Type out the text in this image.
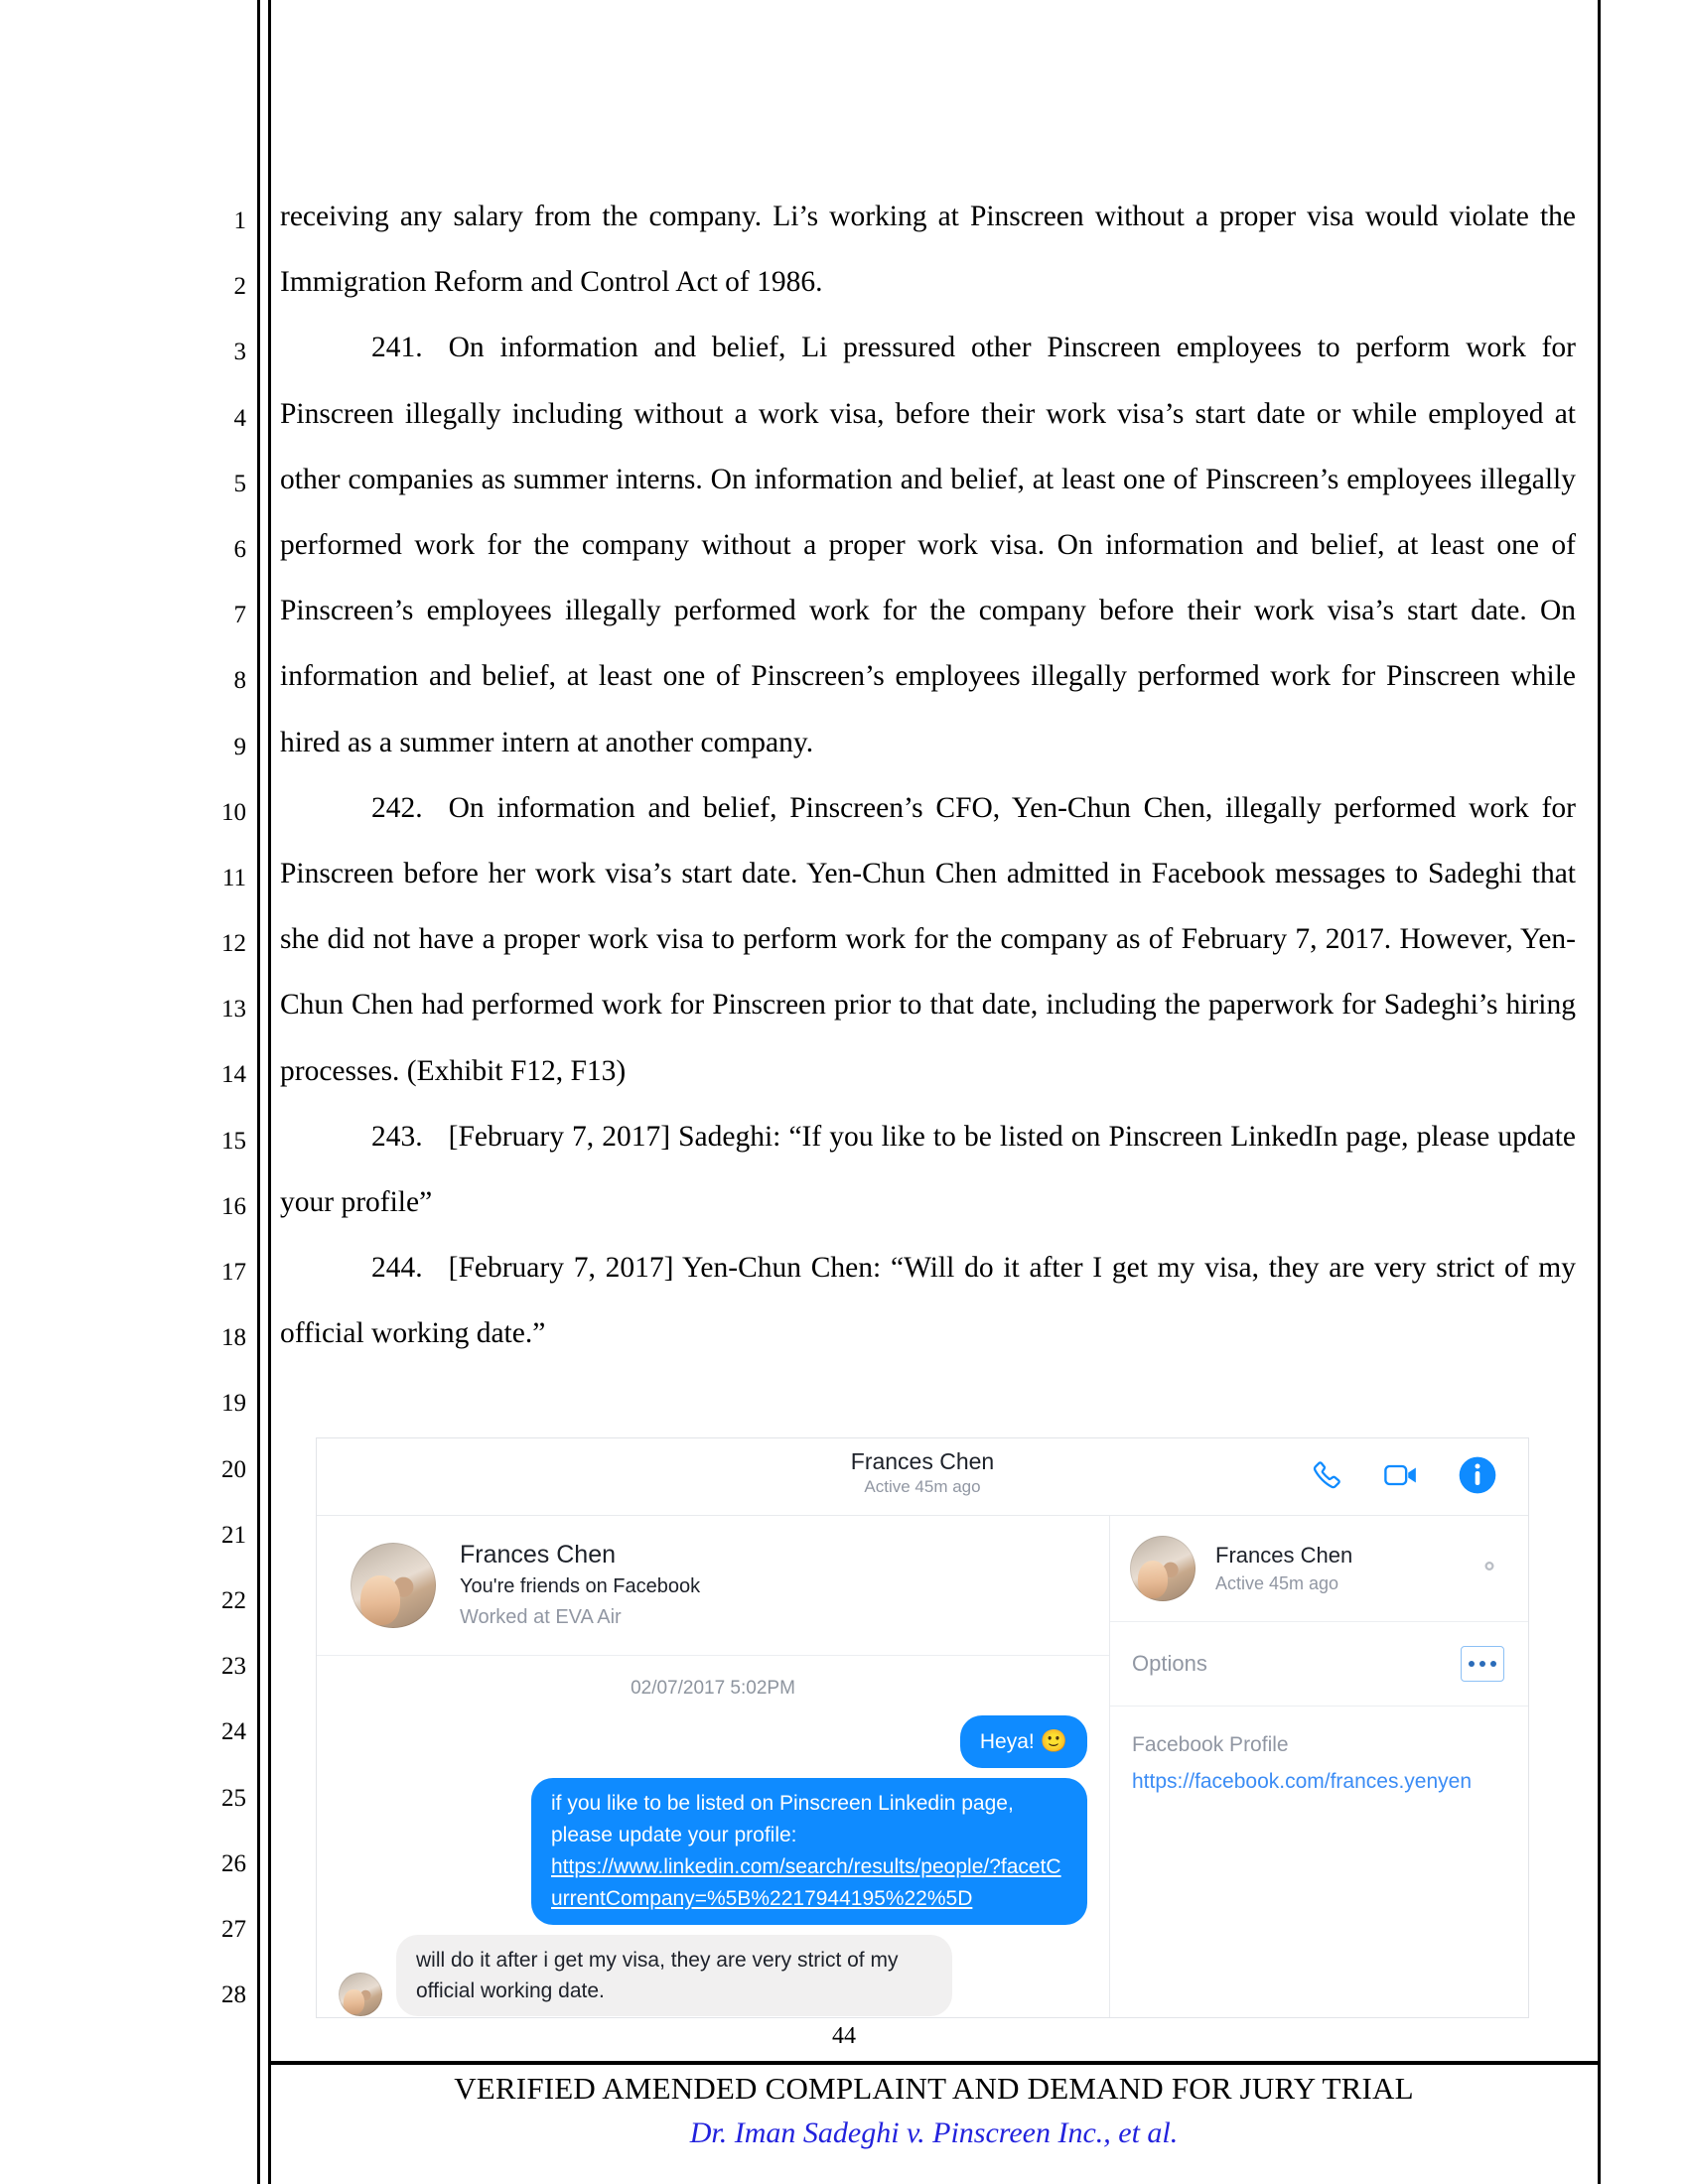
1
2
3
4
5
6
7
8
9
10
11
12
13
14
15
16
17
18
19
20
21
22
23
24
25
26
27
28

receiving any salary from the company. Li’s working at Pinscreen without a proper visa would violate the Immigration Reform and Control Act of 1986.

241. On information and belief, Li pressured other Pinscreen employees to perform work for Pinscreen illegally including without a work visa, before their work visa’s start date or while employed at other companies as summer interns. On information and belief, at least one of Pinscreen’s employees illegally performed work for the company without a proper work visa. On information and belief, at least one of Pinscreen’s employees illegally performed work for the company before their work visa’s start date. On information and belief, at least one of Pinscreen’s employees illegally performed work for Pinscreen while hired as a summer intern at another company.

242. On information and belief, Pinscreen’s CFO, Yen-Chun Chen, illegally performed work for Pinscreen before her work visa’s start date. Yen-Chun Chen admitted in Facebook messages to Sadeghi that she did not have a proper work visa to perform work for the company as of February 7, 2017. However, Yen-Chun Chen had performed work for Pinscreen prior to that date, including the paperwork for Sadeghi’s hiring processes. (Exhibit F12, F13)

243. [February 7, 2017] Sadeghi: “If you like to be listed on Pinscreen LinkedIn page, please update your profile”

244. [February 7, 2017] Yen-Chun Chen: “Will do it after I get my visa, they are very strict of my official working date.”

Frances Chen
Active 45m ago
Frances Chen
You're friends on Facebook
Worked at EVA Air
02/07/2017 5:02PM
Heya! 🙂
if you like to be listed on Pinscreen Linkedin page, please update your profile:
https://www.linkedin.com/search/results/people/?facetCurrentCompany=%5B%2217944195%22%5D
will do it after i get my visa, they are very strict of my official working date.
Frances Chen
Active 45m ago
Options
Facebook Profile
https://facebook.com/frances.yenyen
44
VERIFIED AMENDED COMPLAINT AND DEMAND FOR JURY TRIAL
Dr. Iman Sadeghi v. Pinscreen Inc., et al.
